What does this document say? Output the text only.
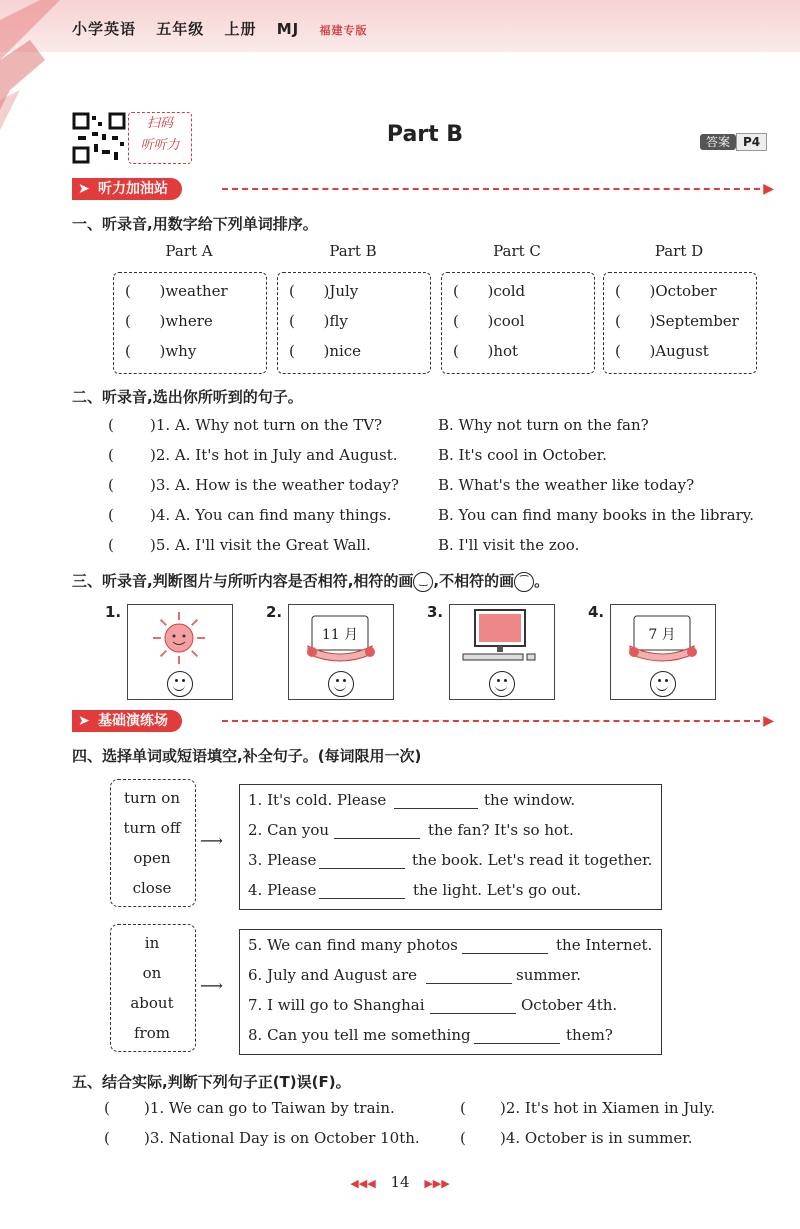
小学英语 五年级 上册 MJ 福建专版
扫码
听听力	Part B	答案 P4
➤ 听力加油站	▶
一、听录音,用数字给下列单词排序。
Part A
(      )weather
(      )where
(      )why
Part B
(      )July
(      )fly
(      )nice
Part C
(      )cold
(      )cool
(      )hot
Part D
(      )October
(      )September
(      )August
二、听录音,选出你所听到的句子。
( )1. A. Why not turn on the TV?	B. Why not turn on the fan?
( )2. A. It's hot in July and August.	B. It's cool in October.
( )3. A. How is the weather today?	B. What's the weather like today?
( )4. A. You can find many things.	B. You can find many books in the library.
( )5. A. I'll visit the Great Wall.	B. I'll visit the zoo.
三、听录音,判断图片与所听内容是否相符,相符的画 ‿ ,不相符的画 ⁀ 。
1.	2.
11 月
3.	4.
7 月
➤ 基础演练场	▶
四、选择单词或短语填空,补全句子。(每词限用一次)
turn on
turn off
open
close
⟶
1. It's cold. Please	the window.
2. Can you	the fan? It's so hot.
3. Please	the book. Let's read it together.
4. Please	the light. Let's go out.
in
on
about
from
⟶
5. We can find many photos	the Internet.
6. July and August are	summer.
7. I will go to Shanghai	October 4th.
8. Can you tell me something	them?
五、结合实际,判断下列句子正(T)误(F)。
( )1. We can go to Taiwan by train.	( )2. It's hot in Xiamen in July.
( )3. National Day is on October 10th.	( )4. October is in summer.
◀◀◀ 14 ▶▶▶
